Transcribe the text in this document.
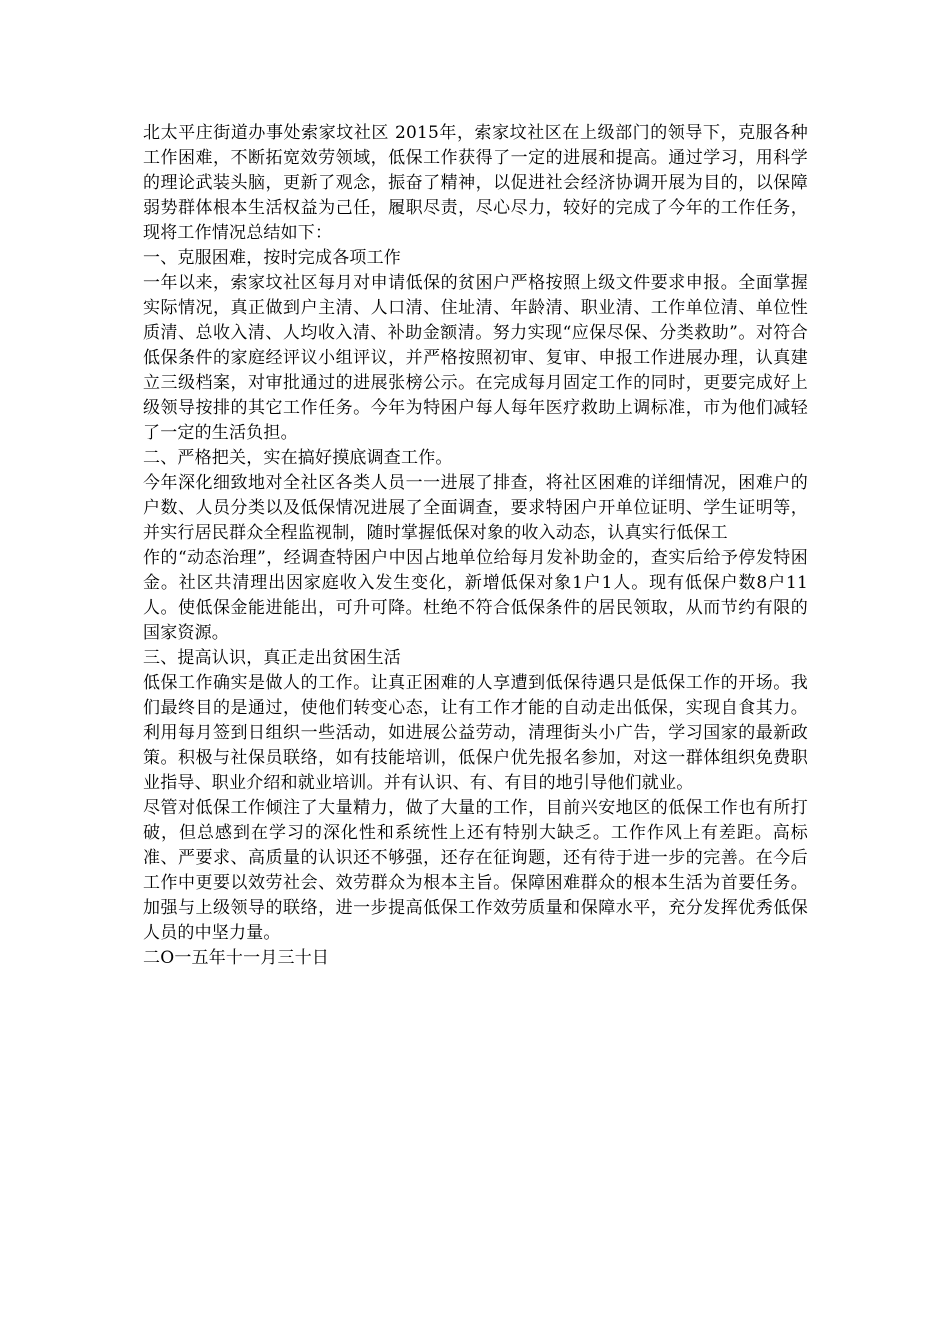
北太平庄街道办事处索家坟社区 2015年，索家坟社区在上级部门的领导下，克服各种工作困难，不断拓宽效劳领域，低保工作获得了一定的进展和提高。通过学习，用科学的理论武装头脑，更新了观念，振奋了精神，以促进社会经济协调开展为目的，以保障弱势群体根本生活权益为己任，履职尽责，尽心尽力，较好的完成了今年的工作任务，现将工作情况总结如下：

一、克服困难，按时完成各项工作

一年以来，索家坟社区每月对申请低保的贫困户严格按照上级文件要求申报。全面掌握实际情况，真正做到户主清、人口清、住址清、年龄清、职业清、工作单位清、单位性质清、总收入清、人均收入清、补助金额清。努力实现“应保尽保、分类救助”。对符合低保条件的家庭经评议小组评议，并严格按照初审、复审、申报工作进展办理，认真建立三级档案，对审批通过的进展张榜公示。在完成每月固定工作的同时，更要完成好上级领导按排的其它工作任务。今年为特困户每人每年医疗救助上调标准，市为他们减轻了一定的生活负担。

二、严格把关，实在搞好摸底调查工作。

今年深化细致地对全社区各类人员一一进展了排查，将社区困难的详细情况，困难户的户数、人员分类以及低保情况进展了全面调查，要求特困户开单位证明、学生证明等，并实行居民群众全程监视制，随时掌握低保对象的收入动态，认真实行低保工

作的“动态治理”，经调查特困户中因占地单位给每月发补助金的，查实后给予停发特困金。社区共清理出因家庭收入发生变化，新增低保对象1户1人。现有低保户数8户11人。使低保金能进能出，可升可降。杜绝不符合低保条件的居民领取，从而节约有限的国家资源。

三、提高认识，真正走出贫困生活

低保工作确实是做人的工作。让真正困难的人享遭到低保待遇只是低保工作的开场。我们最终目的是通过，使他们转变心态，让有工作才能的自动走出低保，实现自食其力。利用每月签到日组织一些活动，如进展公益劳动，清理街头小广告，学习国家的最新政策。积极与社保员联络，如有技能培训，低保户优先报名参加，对这一群体组织免费职业指导、职业介绍和就业培训。并有认识、有、有目的地引导他们就业。

尽管对低保工作倾注了大量精力，做了大量的工作，目前兴安地区的低保工作也有所打破，但总感到在学习的深化性和系统性上还有特别大缺乏。工作作风上有差距。高标准、严要求、高质量的认识还不够强，还存在征询题，还有待于进一步的完善。在今后工作中更要以效劳社会、效劳群众为根本主旨。保障困难群众的根本生活为首要任务。加强与上级领导的联络，进一步提高低保工作效劳质量和保障水平，充分发挥优秀低保人员的中坚力量。

二O一五年十一月三十日
